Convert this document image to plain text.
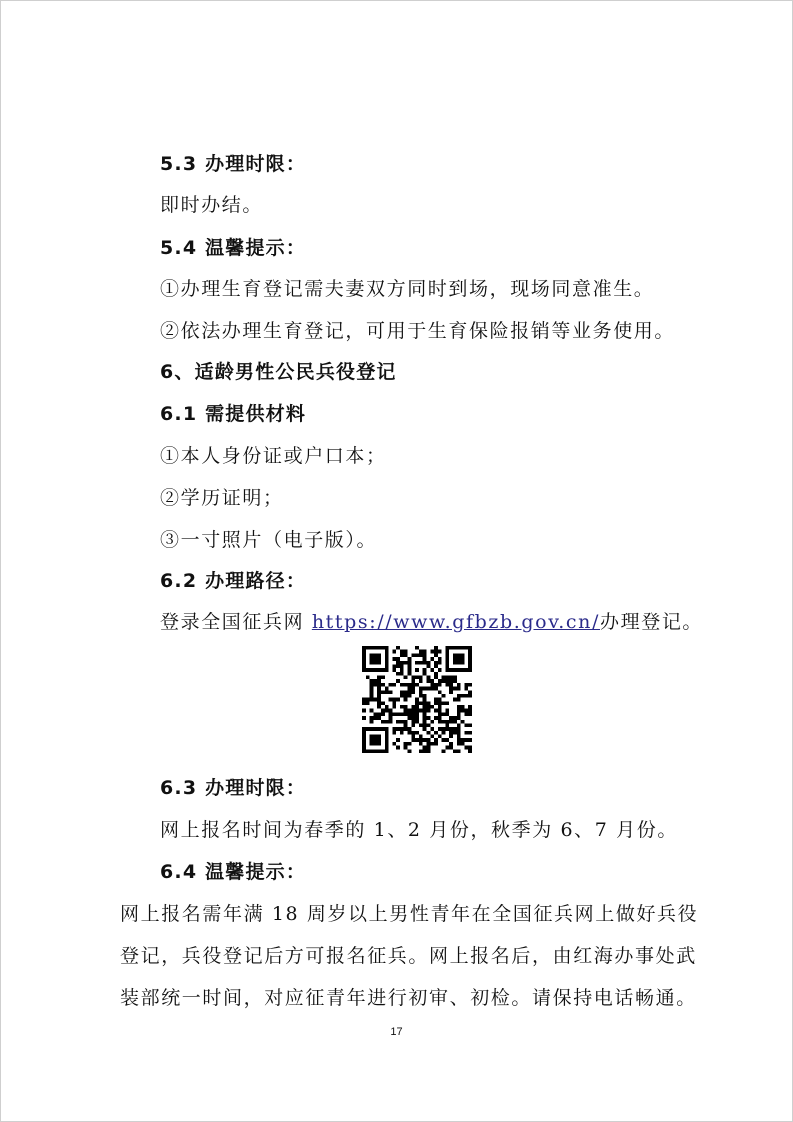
5.3 办理时限：
即时办结。
5.4 温馨提示：
①办理生育登记需夫妻双方同时到场，现场同意准生。
②依法办理生育登记，可用于生育保险报销等业务使用。
6、适龄男性公民兵役登记
6.1 需提供材料
①本人身份证或户口本；
②学历证明；
③一寸照片（电子版）。
6.2 办理路径：
登录全国征兵网 https://www.gfbzb.gov.cn/办理登记。
6.3 办理时限：
网上报名时间为春季的 1、2 月份，秋季为 6、7 月份。
6.4 温馨提示：
网上报名需年满 18 周岁以上男性青年在全国征兵网上做好兵役
登记，兵役登记后方可报名征兵。网上报名后，由红海办事处武
装部统一时间，对应征青年进行初审、初检。请保持电话畅通。
17
